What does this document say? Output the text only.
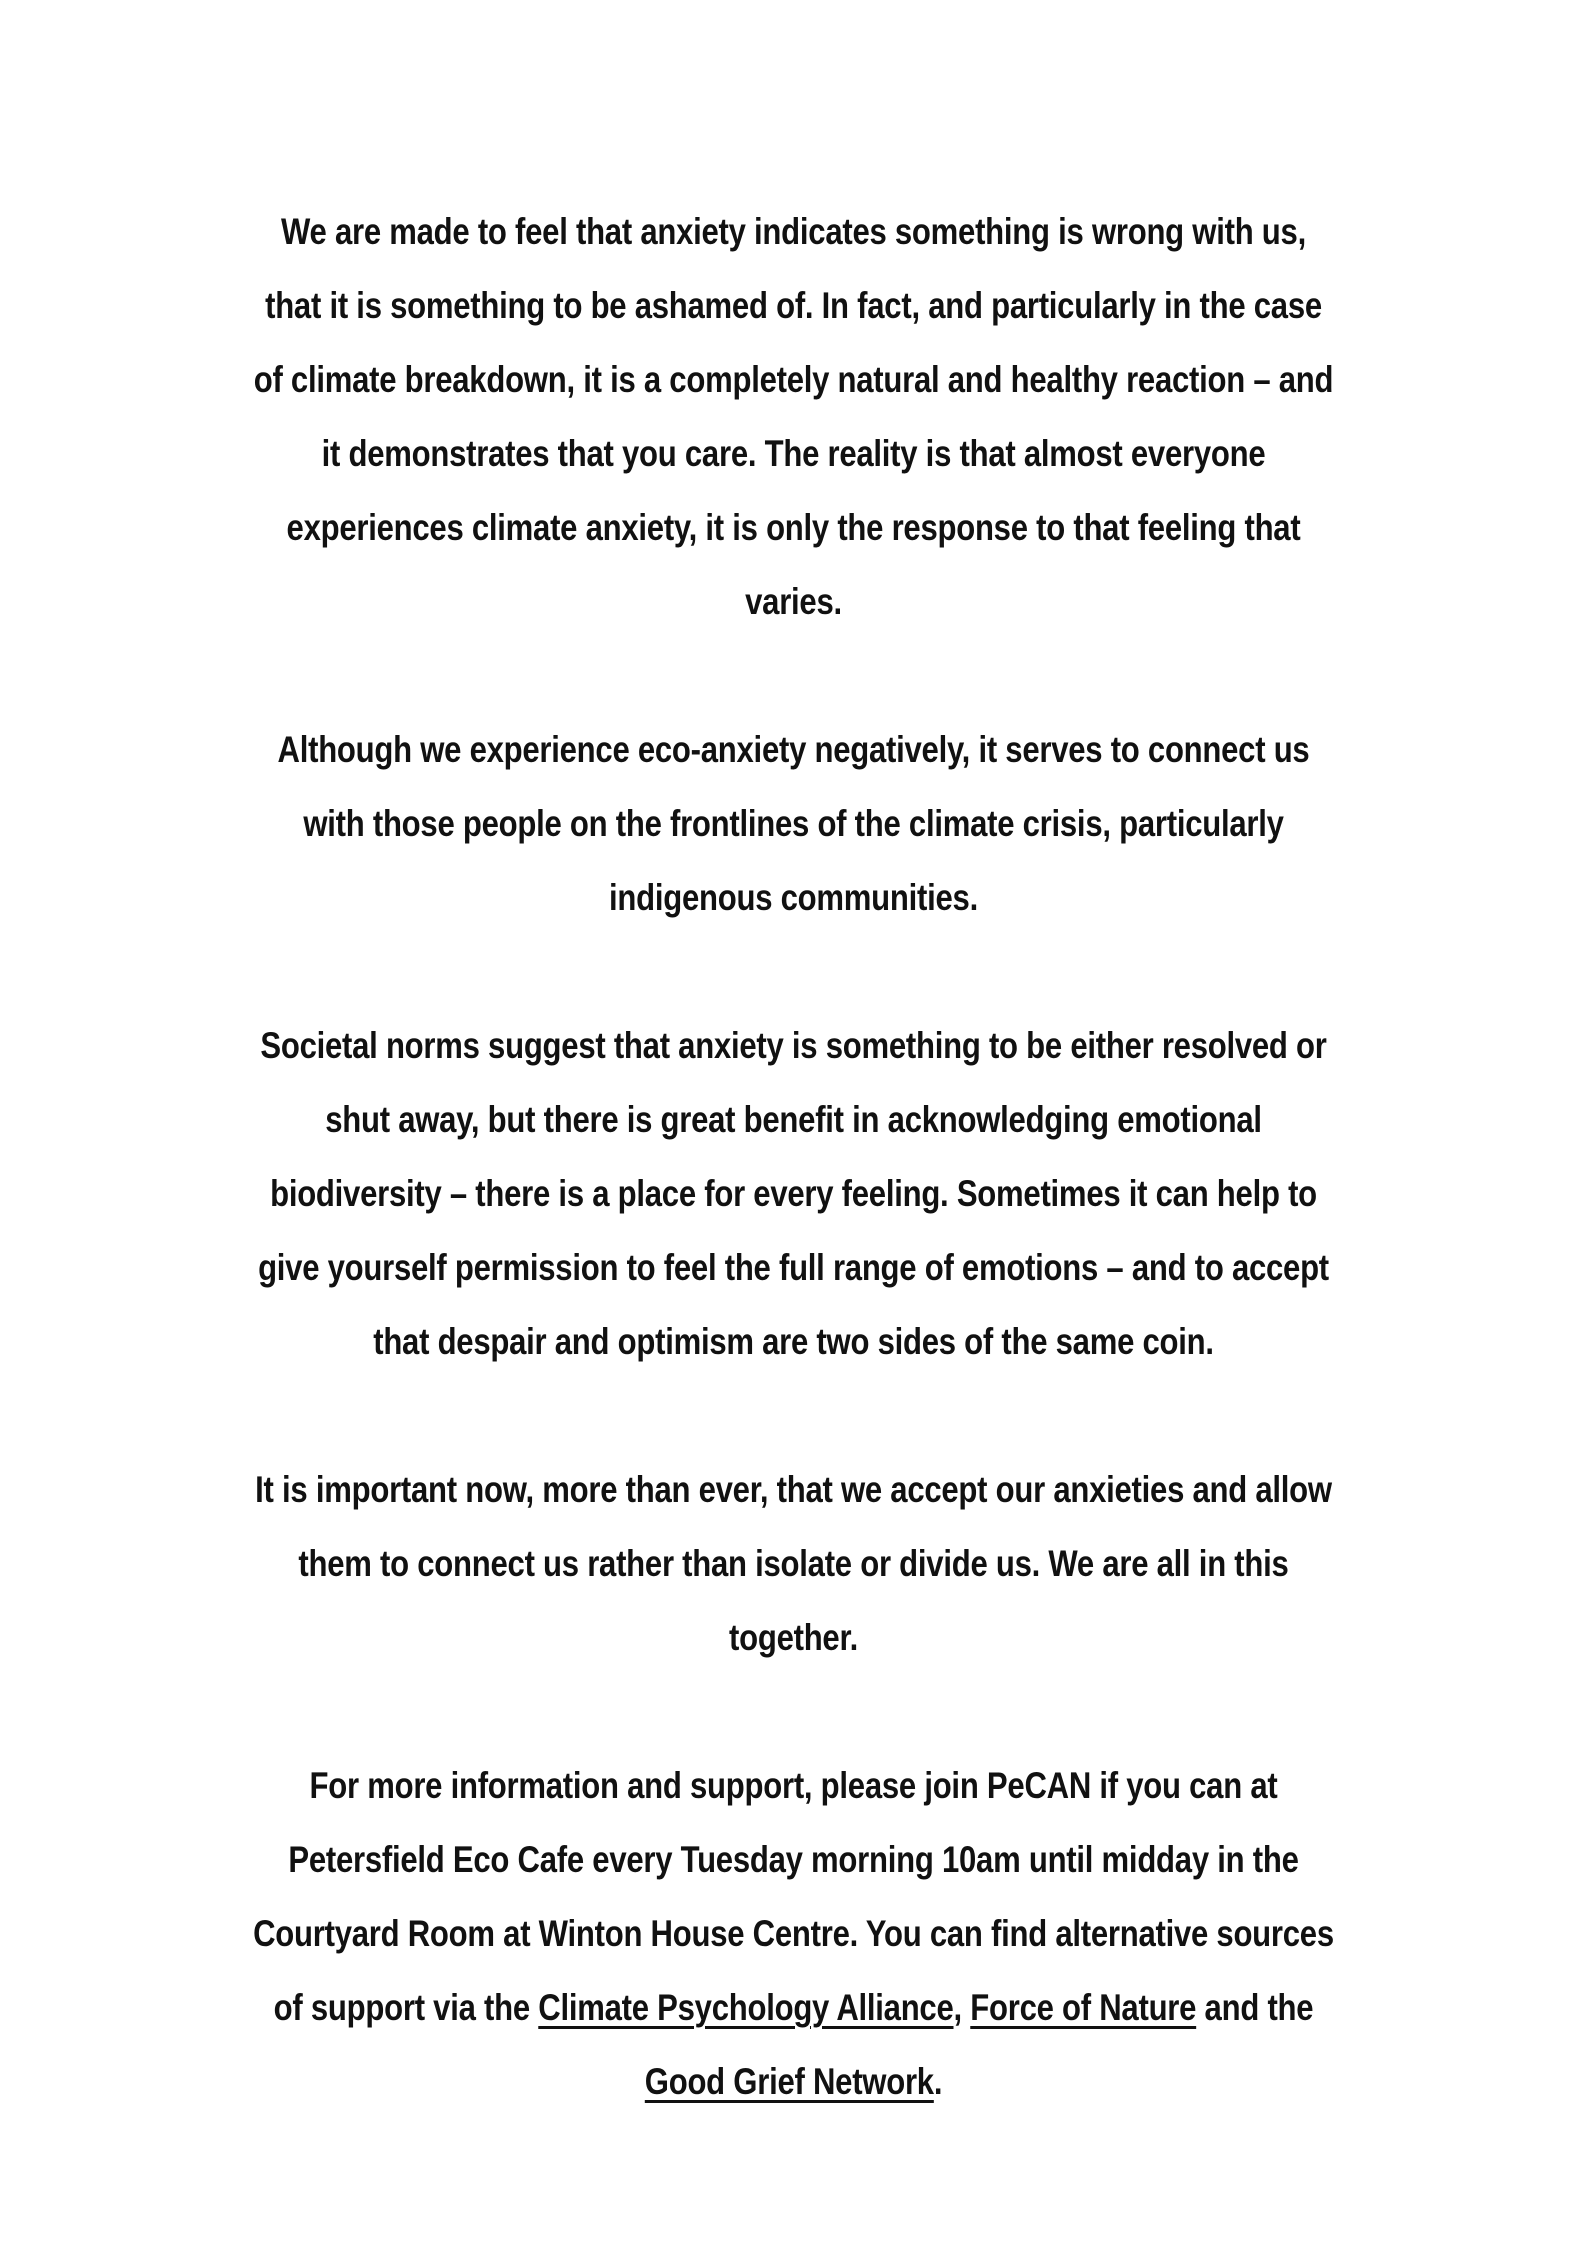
We are made to feel that anxiety indicates something is wrong with us, that it is something to be ashamed of. In fact, and particularly in the case of climate breakdown, it is a completely natural and healthy reaction – and it demonstrates that you care. The reality is that almost everyone experiences climate anxiety, it is only the response to that feeling that varies.

Although we experience eco-anxiety negatively, it serves to connect us with those people on the frontlines of the climate crisis, particularly indigenous communities.

Societal norms suggest that anxiety is something to be either resolved or shut away, but there is great benefit in acknowledging emotional biodiversity – there is a place for every feeling. Sometimes it can help to give yourself permission to feel the full range of emotions – and to accept that despair and optimism are two sides of the same coin.

It is important now, more than ever, that we accept our anxieties and allow them to connect us rather than isolate or divide us. We are all in this together.

For more information and support, please join PeCAN if you can at Petersfield Eco Cafe every Tuesday morning 10am until midday in the Courtyard Room at Winton House Centre. You can find alternative sources of support via the Climate Psychology Alliance, Force of Nature and the Good Grief Network.
